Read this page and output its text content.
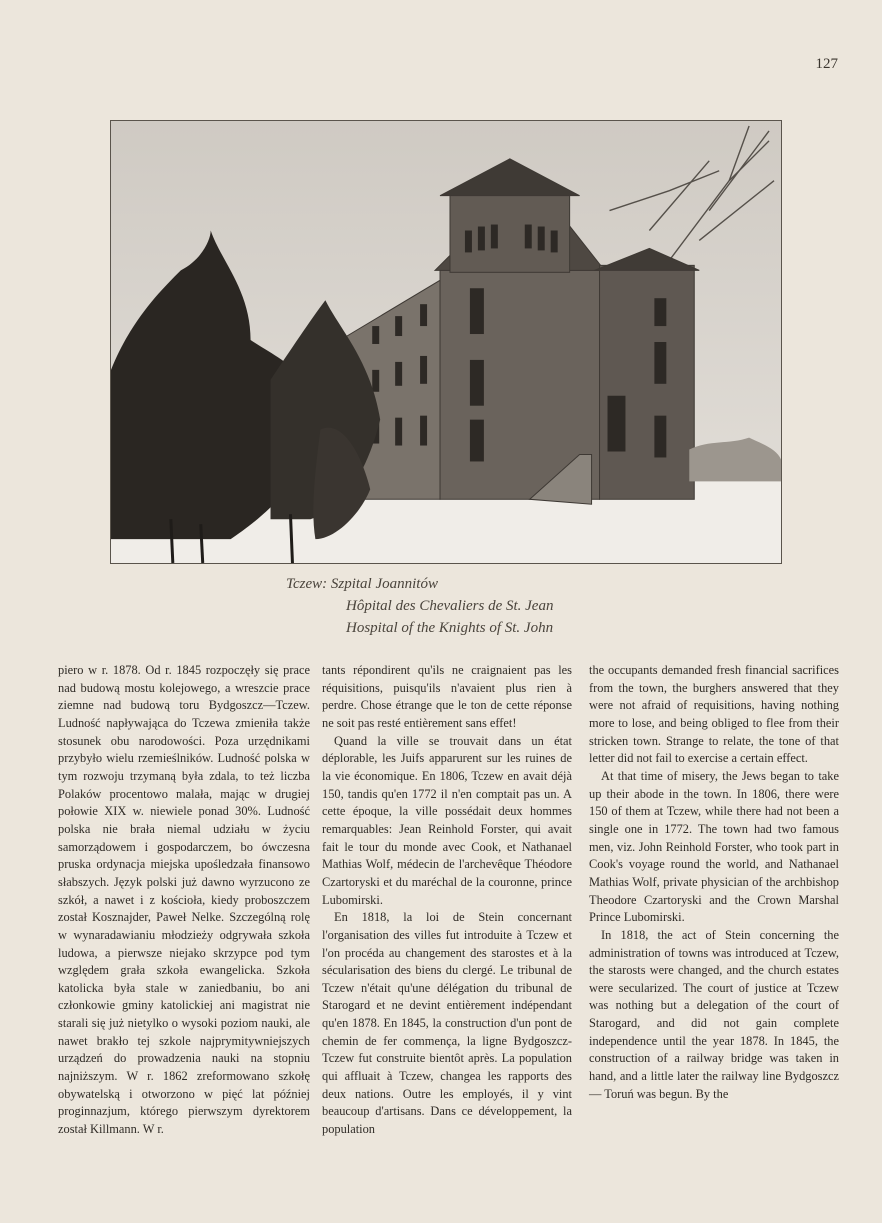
127
Tczew: Szpital Joannitów
Hôpital des Chevaliers de St. Jean
Hospital of the Knights of St. John

piero w r. 1878. Od r. 1845 rozpoczęły się prace nad budową mostu kolejowego, a wreszcie prace ziemne nad budową toru Bydgoszcz—Tczew. Ludność napływająca do Tczewa zmieniła także stosunek obu narodowości. Poza urzędnikami przybyło wielu rzemieślników. Ludność polska w tym rozwoju trzymaną była zdala, to też liczba Polaków procentowo malała, mając w drugiej połowie XIX w. niewiele ponad 30%. Ludność polska nie brała niemal udziału w życiu samorządowem i gospodarczem, bo ówczesna pruska ordynacja miejska upośledzała finansowo słabszych. Język polski już dawno wyrzucono ze szkół, a nawet i z kościoła, kiedy proboszczem został Kosznajder, Paweł Nelke. Szczególną rolę w wynaradawianiu młodzieży odgrywała szkoła ludowa, a pierwsze niejako skrzypce pod tym względem grała szkoła ewangelicka. Szkoła katolicka była stale w zaniedbaniu, bo ani członkowie gminy katolickiej ani magistrat nie starali się już nietylko o wysoki poziom nauki, ale nawet brakło tej szkole najprymitywniejszych urządzeń do prowadzenia nauki na stopniu najniższym. W r. 1862 zreformowano szkołę obywatelską i otworzono w pięć lat później proginnazjum, którego pierwszym dyrektorem został Killmann. W r.

tants répondirent qu'ils ne craignaient pas les réquisitions, puisqu'ils n'avaient plus rien à perdre. Chose étrange que le ton de cette réponse ne soit pas resté entièrement sans effet!

Quand la ville se trouvait dans un état déplorable, les Juifs apparurent sur les ruines de la vie économique. En 1806, Tczew en avait déjà 150, tandis qu'en 1772 il n'en comptait pas un. A cette époque, la ville possédait deux hommes remarquables: Jean Reinhold Forster, qui avait fait le tour du monde avec Cook, et Nathanael Mathias Wolf, médecin de l'archevêque Théodore Czartoryski et du maréchal de la couronne, prince Lubomirski.

En 1818, la loi de Stein concernant l'organisation des villes fut introduite à Tczew et l'on procéda au changement des starostes et à la sécularisation des biens du clergé. Le tribunal de Tczew n'était qu'une délégation du tribunal de Starogard et ne devint entièrement indépendant qu'en 1878. En 1845, la construction d'un pont de chemin de fer commença, la ligne Bydgoszcz-Tczew fut construite bientôt après. La population qui affluait à Tczew, changea les rapports des deux nations. Outre les employés, il y vint beaucoup d'artisans. Dans ce développement, la population

the occupants demanded fresh financial sacrifices from the town, the burghers answered that they were not afraid of requisitions, having nothing more to lose, and being obliged to flee from their stricken town. Strange to relate, the tone of that letter did not fail to exercise a certain effect.

At that time of misery, the Jews began to take up their abode in the town. In 1806, there were 150 of them at Tczew, while there had not been a single one in 1772. The town had two famous men, viz. John Reinhold Forster, who took part in Cook's voyage round the world, and Nathanael Mathias Wolf, private physician of the archbishop Theodore Czartoryski and the Crown Marshal Prince Lubomirski.

In 1818, the act of Stein concerning the administration of towns was introduced at Tczew, the starosts were changed, and the church estates were secularized. The court of justice at Tczew was nothing but a delegation of the court of Starogard, and did not gain complete independence until the year 1878. In 1845, the construction of a railway bridge was taken in hand, and a little later the railway line Bydgoszcz — Toruń was begun. By the
